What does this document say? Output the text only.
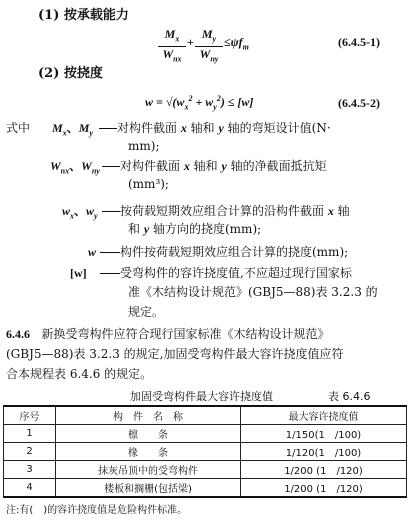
(1) 按承载能力
$M_x$
$W_{nx}$
+
$M_y$
$W_{ny}$
$\le\psi f_m$	(6.4.5-1)
(2) 按挠度
$w = √(w_x^2 + w_y^2) \le [w]$	(6.4.5-2)
式中 $M_x$、$M_y$	对构件截面 x 轴和 y 轴的弯矩设计值(N·
mm);
$W_{nx}$、$W_{ny}$	对构件截面 x 轴和 y 轴的净截面抵抗矩
(mm³);
$w_x$、$w_y$	按荷载短期效应组合计算的沿构件截面 x 轴
和 y 轴方向的挠度(mm);
w	构件按荷载短期效应组合计算的挠度(mm);
[w]	受弯构件的容许挠度值,不应超过现行国家标
准《木结构设计规范》(GBJ5—88)表 3.2.3 的
规定。
6.4.6 新换受弯构件应符合现行国家标准《木结构设计规范》
(GBJ5—88)表 3.2.3 的规定,加固受弯构件最大容许挠度值应符
合本规程表 6.4.6 的规定。
加固受弯构件最大容许挠度值	表 6.4.6
序号	构　件　名　称	最大容许挠度值
1	檩　　条	1/150(1　/100)
2	椽　　条	1/120(1　/100)
3	抹灰吊顶中的受弯构件	1/200 (1　/120)
4	楼板和搁栅(包括梁)	1/200 (1　/120)
注:有(　)的容许挠度值是危险构件标准。
